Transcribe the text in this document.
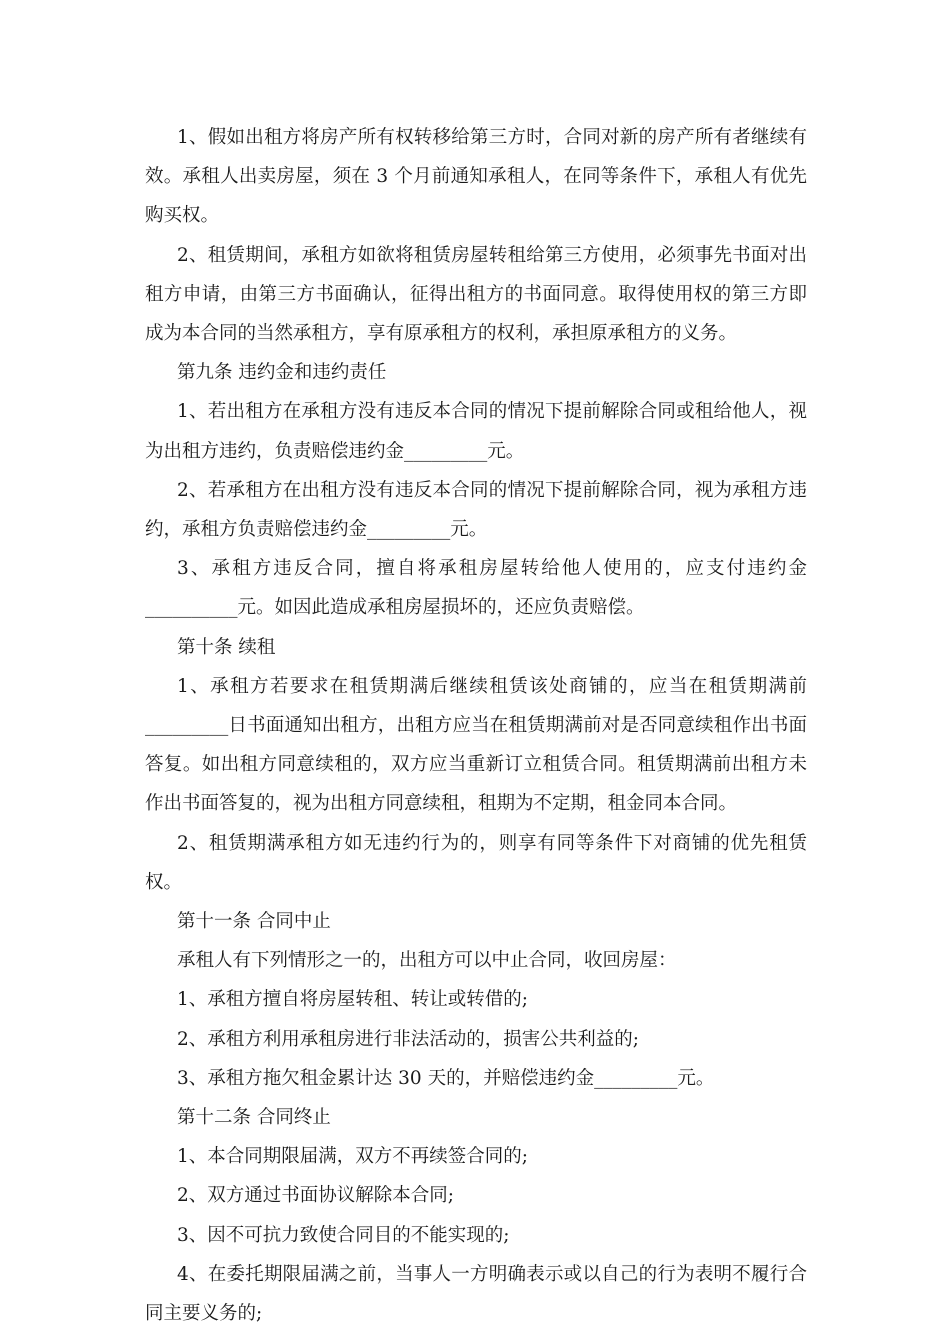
1、假如出租方将房产所有权转移给第三方时，合同对新的房产所有者继续有效。承租人出卖房屋，须在 3 个月前通知承租人，在同等条件下，承租人有优先购买权。

2、租赁期间，承租方如欲将租赁房屋转租给第三方使用，必须事先书面对出租方申请，由第三方书面确认，征得出租方的书面同意。取得使用权的第三方即成为本合同的当然承租方，享有原承租方的权利，承担原承租方的义务。

第九条 违约金和违约责任

1、若出租方在承租方没有违反本合同的情况下提前解除合同或租给他人，视为出租方违约，负责赔偿违约金_________元。

2、若承租方在出租方没有违反本合同的情况下提前解除合同，视为承租方违约，承租方负责赔偿违约金_________元。

3、承租方违反合同，擅自将承租房屋转给他人使用的，应支付违约金__________元。如因此造成承租房屋损坏的，还应负责赔偿。

第十条 续租

1、承租方若要求在租赁期满后继续租赁该处商铺的，应当在租赁期满前_________日书面通知出租方，出租方应当在租赁期满前对是否同意续租作出书面答复。如出租方同意续租的，双方应当重新订立租赁合同。租赁期满前出租方未作出书面答复的，视为出租方同意续租，租期为不定期，租金同本合同。

2、租赁期满承租方如无违约行为的，则享有同等条件下对商铺的优先租赁权。

第十一条 合同中止

承租人有下列情形之一的，出租方可以中止合同，收回房屋：

1、承租方擅自将房屋转租、转让或转借的;

2、承租方利用承租房进行非法活动的，损害公共利益的;

3、承租方拖欠租金累计达 30 天的，并赔偿违约金_________元。

第十二条 合同终止

1、本合同期限届满，双方不再续签合同的;

2、双方通过书面协议解除本合同;

3、因不可抗力致使合同目的不能实现的;

4、在委托期限届满之前，当事人一方明确表示或以自己的行为表明不履行合同主要义务的;
